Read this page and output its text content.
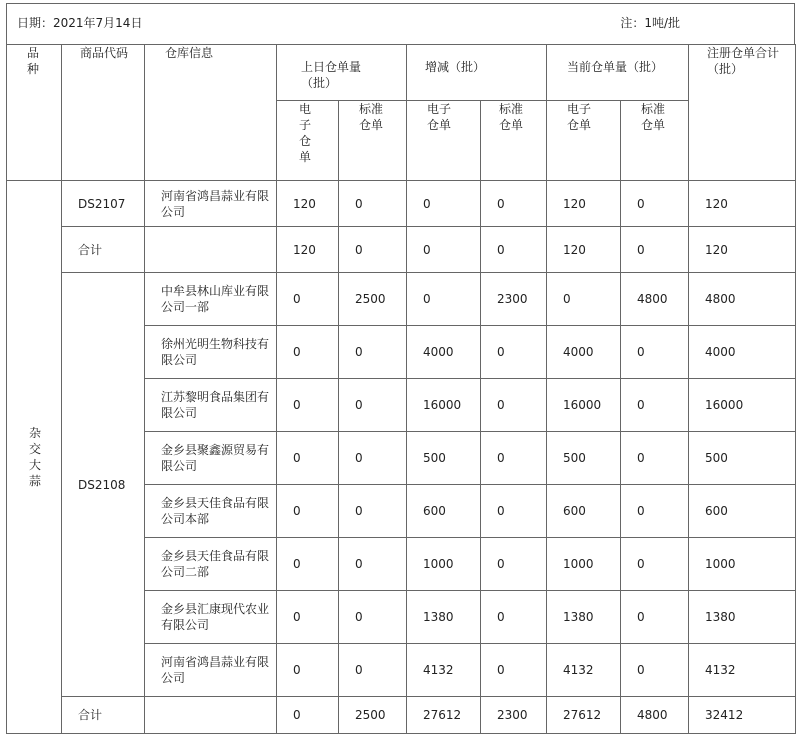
日期：2021年7月14日	注：1吨/批
品种	商品代码	仓库信息	上日仓单量（批）		增减（批）		当前仓单量（批）		注册仓单合计（批）
			电子仓单	标准仓单	电子仓单	标准仓单	电子仓单	标准仓单	
杂交大蒜	DS2107	河南省鸿昌蒜业有限公司	120	0	0	0	120	0	120
	合计		120	0	0	0	120	0	120
	DS2108	中牟县林山库业有限公司一部	0	2500	0	2300	0	4800	4800
		徐州光明生物科技有限公司	0	0	4000	0	4000	0	4000
		江苏黎明食品集团有限公司	0	0	16000	0	16000	0	16000
		金乡县聚鑫源贸易有限公司	0	0	500	0	500	0	500
		金乡县天佳食品有限公司本部	0	0	600	0	600	0	600
		金乡县天佳食品有限公司二部	0	0	1000	0	1000	0	1000
		金乡县汇康现代农业有限公司	0	0	1380	0	1380	0	1380
		河南省鸿昌蒜业有限公司	0	0	4132	0	4132	0	4132
	合计		0	2500	27612	2300	27612	4800	32412
